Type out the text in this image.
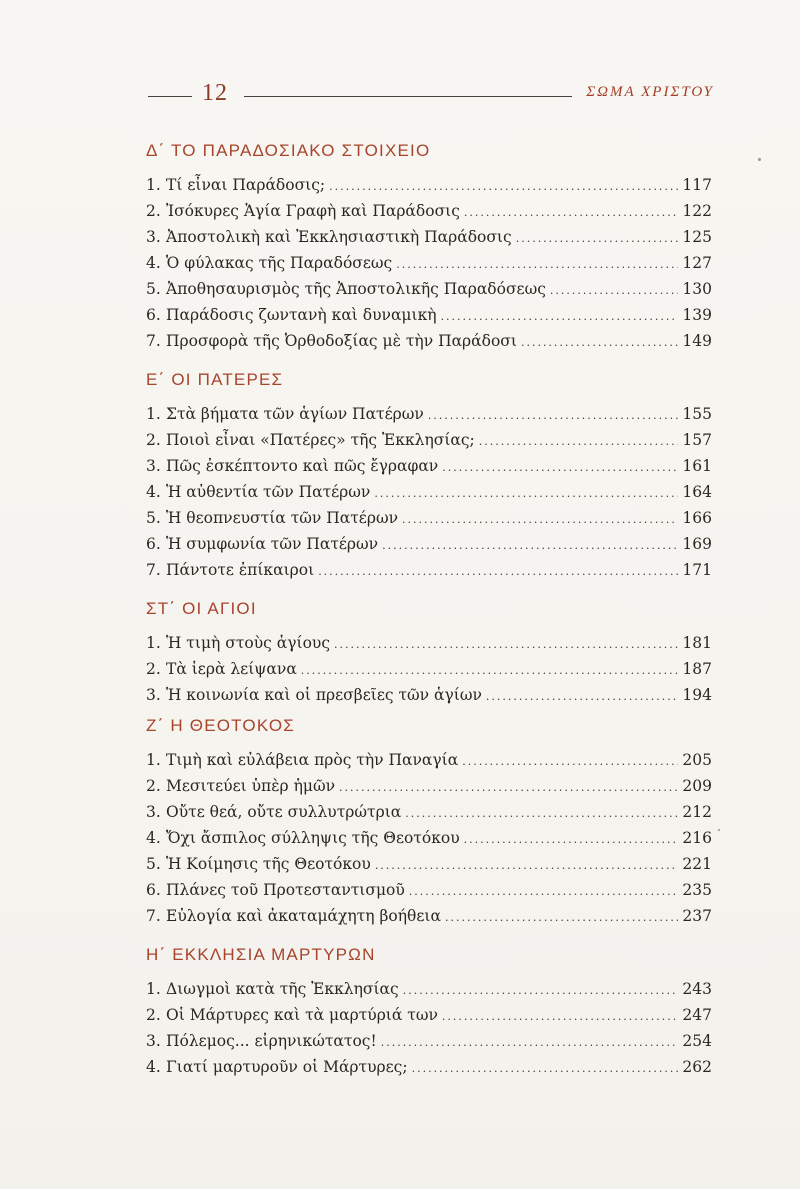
12	ΣΩΜΑ ΧΡΙΣΤΟΥ
Δ΄ ΤΟ ΠΑΡΑΔΟΣΙΑΚΟ ΣΤΟΙΧΕΙΟ
1. Τί εἶναι Παράδοσις; .....	117
2. Ἰσόκυρες Ἁγία Γραφὴ καὶ Παράδοσις .....	122
3. Ἀποστολικὴ καὶ Ἐκκλησιαστικὴ Παράδοσις .....	125
4. Ὁ φύλακας τῆς Παραδόσεως .....	127
5. Ἀποθησαυρισμὸς τῆς Ἀποστολικῆς Παραδόσεως .....	130
6. Παράδοσις ζωντανὴ καὶ δυναμικὴ .....	139
7. Προσφορὰ τῆς Ὀρθοδοξίας μὲ τὴν Παράδοσι .....	149
Ε΄ ΟΙ ΠΑΤΕΡΕΣ
1. Στὰ βήματα τῶν ἁγίων Πατέρων .....	155
2. Ποιοὶ εἶναι «Πατέρες» τῆς Ἐκκλησίας; .....	157
3. Πῶς ἐσκέπτοντο καὶ πῶς ἔγραφαν .....	161
4. Ἡ αὐθεντία τῶν Πατέρων .....	164
5. Ἡ θεοπνευστία τῶν Πατέρων .....	166
6. Ἡ συμφωνία τῶν Πατέρων .....	169
7. Πάντοτε ἐπίκαιροι .....	171
ΣΤ΄ ΟΙ ΑΓΙΟΙ
1. Ἡ τιμὴ στοὺς ἁγίους .....	181
2. Τὰ ἱερὰ λείψανα .....	187
3. Ἡ κοινωνία καὶ οἱ πρεσβεῖες τῶν ἁγίων .....	194
Ζ΄ Η ΘΕΟΤΟΚΟΣ
1. Τιμὴ καὶ εὐλάβεια πρὸς τὴν Παναγία .....	205
2. Μεσιτεύει ὑπὲρ ἡμῶν .....	209
3. Οὔτε θεά, οὔτε συλλυτρώτρια .....	212
4. Ὄχι ἄσπιλος σύλληψις τῆς Θεοτόκου .....	216
5. Ἡ Κοίμησις τῆς Θεοτόκου .....	221
6. Πλάνες τοῦ Προτεσταντισμοῦ .....	235
7. Εὐλογία καὶ ἀκαταμάχητη βοήθεια .....	237
Η΄ ΕΚΚΛΗΣΙΑ ΜΑΡΤΥΡΩΝ
1. Διωγμοὶ κατὰ τῆς Ἐκκλησίας .....	243
2. Οἱ Μάρτυρες καὶ τὰ μαρτύριά των .....	247
3. Πόλεμος... εἰρηνικώτατος! .....	254
4. Γιατί μαρτυροῦν οἱ Μάρτυρες; .....	262
